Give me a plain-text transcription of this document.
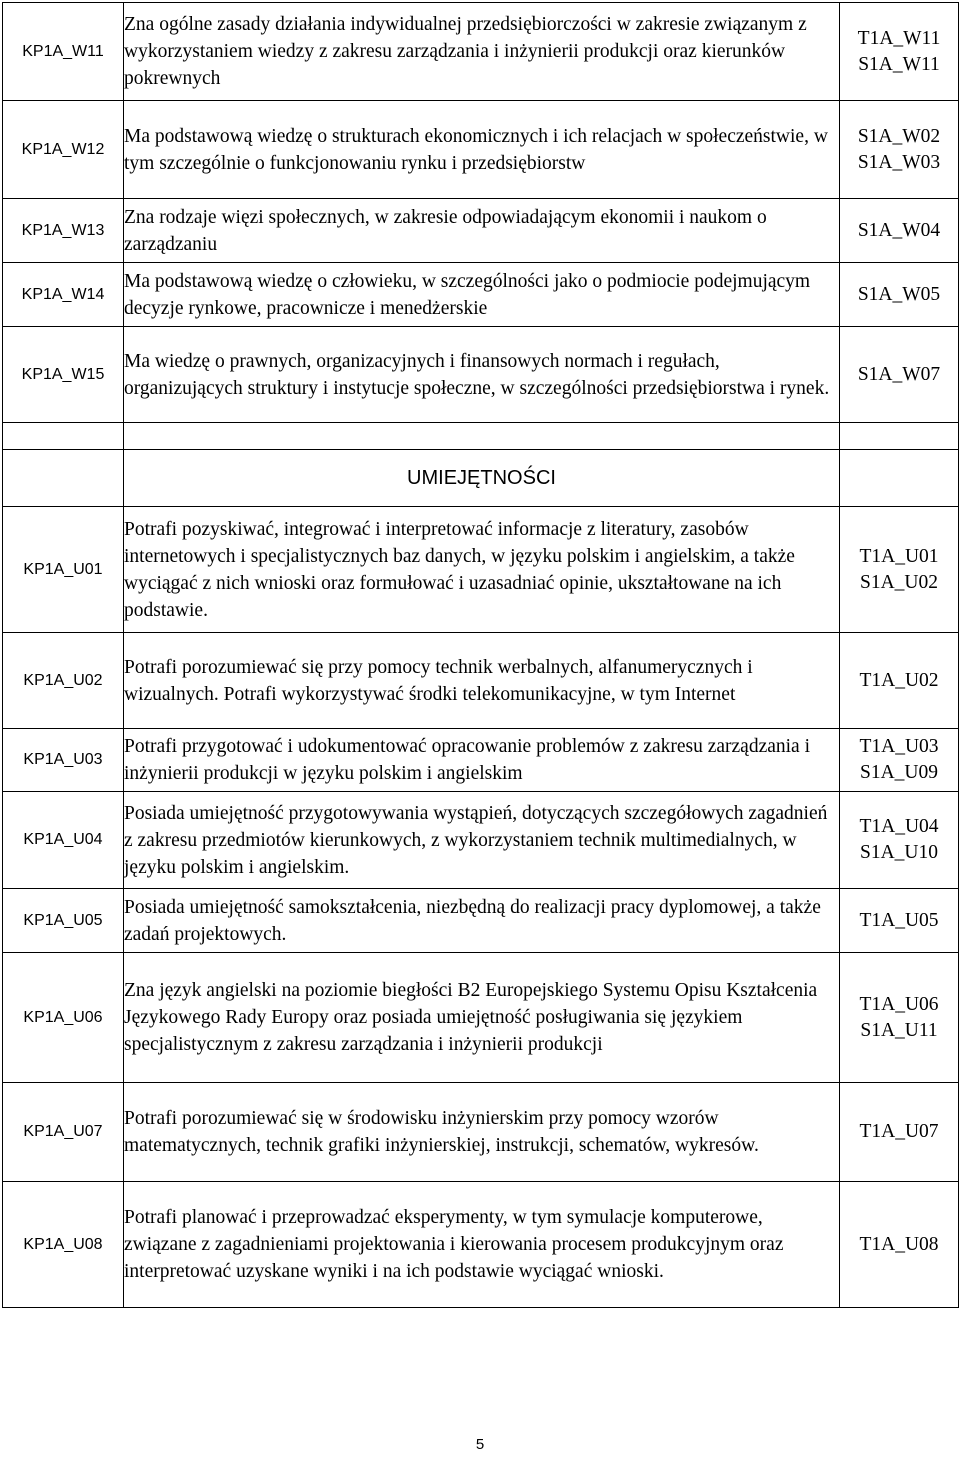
KP1A_W11	Zna ogólne zasady działania indywidualnej przedsiębiorczości w zakresie związanym z wykorzystaniem wiedzy z zakresu zarządzania i inżynierii produkcji oraz kierunków pokrewnych	T1A_W11
S1A_W11

KP1A_W12	Ma podstawową wiedzę o strukturach ekonomicznych i ich relacjach w społeczeństwie, w tym szczególnie o funkcjonowaniu rynku i przedsiębiorstw	S1A_W02
S1A_W03

KP1A_W13	Zna rodzaje więzi społecznych, w zakresie odpowiadającym ekonomii i naukom o zarządzaniu	S1A_W04

KP1A_W14	Ma podstawową wiedzę o człowieku, w szczególności jako o podmiocie podejmującym decyzje rynkowe, pracownicze i menedżerskie	S1A_W05

KP1A_W15	Ma wiedzę o prawnych, organizacyjnych i finansowych normach i regułach, organizujących struktury i instytucje społeczne, w szczególności przedsiębiorstwa i rynek.	S1A_W07

	UMIEJĘTNOŚCI	
KP1A_U01	Potrafi pozyskiwać, integrować i interpretować informacje z literatury, zasobów internetowych i specjalistycznych baz danych, w języku polskim i angielskim, a także wyciągać z nich wnioski oraz formułować i uzasadniać opinie, ukształtowane na ich podstawie.	T1A_U01
S1A_U02

KP1A_U02	Potrafi porozumiewać się przy pomocy technik werbalnych, alfanumerycznych i wizualnych. Potrafi wykorzystywać środki telekomunikacyjne, w tym Internet	T1A_U02

KP1A_U03	Potrafi przygotować i udokumentować opracowanie problemów z zakresu zarządzania i inżynierii produkcji w języku polskim i angielskim	T1A_U03
S1A_U09

KP1A_U04	Posiada umiejętność przygotowywania wystąpień, dotyczących szczegółowych zagadnień z zakresu przedmiotów kierunkowych, z wykorzystaniem technik multimedialnych, w języku polskim i angielskim.	T1A_U04
S1A_U10

KP1A_U05	Posiada umiejętność samokształcenia, niezbędną do realizacji pracy dyplomowej, a także zadań projektowych.	T1A_U05

KP1A_U06	Zna język angielski na poziomie biegłości B2 Europejskiego Systemu Opisu Kształcenia Językowego Rady Europy oraz posiada umiejętność posługiwania się językiem specjalistycznym z zakresu zarządzania i inżynierii produkcji	T1A_U06
S1A_U11

KP1A_U07	Potrafi porozumiewać się w środowisku inżynierskim przy pomocy wzorów matematycznych, technik grafiki inżynierskiej, instrukcji, schematów, wykresów.	T1A_U07

KP1A_U08	Potrafi planować i przeprowadzać eksperymenty, w tym symulacje komputerowe, związane z zagadnieniami projektowania i kierowania procesem produkcyjnym oraz interpretować uzyskane wyniki i na ich podstawie wyciągać wnioski.	T1A_U08
5
